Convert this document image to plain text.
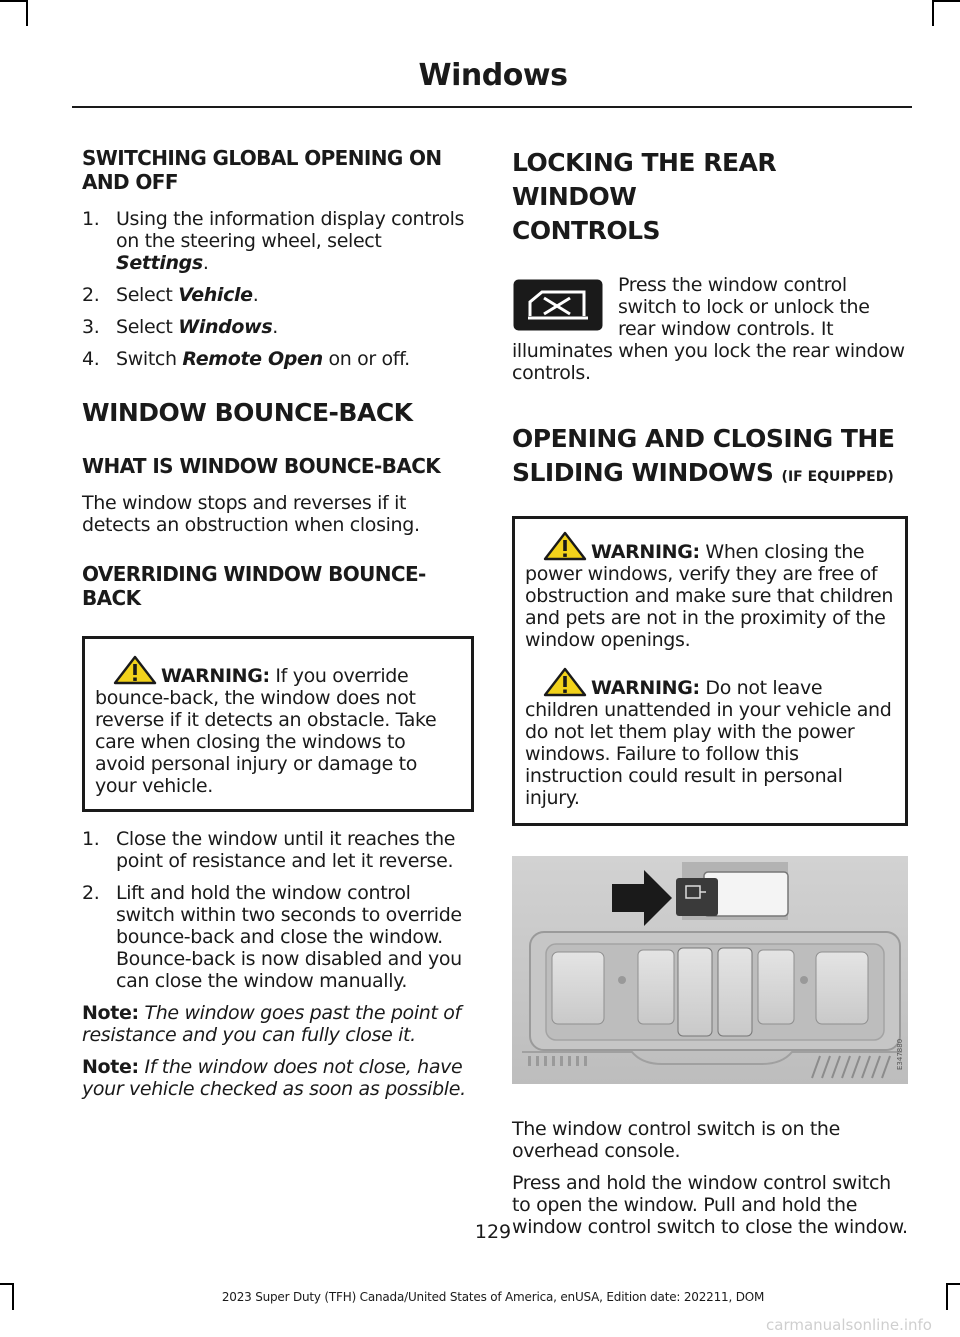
Windows
SWITCHING GLOBAL OPENING ON AND OFF
1. Using the information display controls on the steering wheel, select Settings.
2. Select Vehicle.
3. Select Windows.
4. Switch Remote Open on or off.
WINDOW BOUNCE-BACK
WHAT IS WINDOW BOUNCE-BACK

The window stops and reverses if it detects an obstruction when closing.

OVERRIDING WINDOW BOUNCE-BACK

WARNING: If you override bounce-back, the window does not reverse if it detects an obstacle. Take care when closing the windows to avoid personal injury or damage to your vehicle.

1. Close the window until it reaches the point of resistance and let it reverse.
2. Lift and hold the window control switch within two seconds to override bounce-back and close the window. Bounce-back is now disabled and you can close the window manually.

Note: The window goes past the point of resistance and you can fully close it.

Note: If the window does not close, have your vehicle checked as soon as possible.

LOCKING THE REAR WINDOW
CONTROLS

Press the window control switch to lock or unlock the rear window controls. It illuminates when you lock the rear window controls.

OPENING AND CLOSING THE
SLIDING WINDOWS (IF EQUIPPED)

WARNING: When closing the power windows, verify they are free of obstruction and make sure that children and pets are not in the proximity of the window openings.

WARNING: Do not leave children unattended in your vehicle and do not let them play with the power windows. Failure to follow this instruction could result in personal injury.

E347880

The window control switch is on the overhead console.

Press and hold the window control switch to open the window. Pull and hold the window control switch to close the window.

129
2023 Super Duty (TFH) Canada/United States of America, enUSA, Edition date: 202211, DOM
carmanualsonline.info
